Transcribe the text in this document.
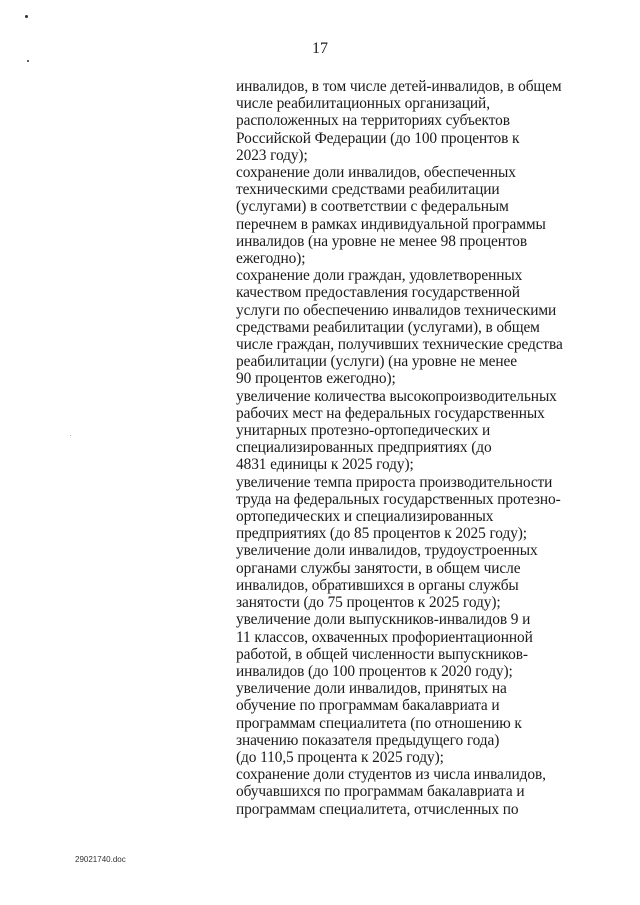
17
инвалидов, в том числе детей-инвалидов, в общем
числе реабилитационных организаций,
расположенных на территориях субъектов
Российской Федерации (до 100 процентов к
2023 году);
сохранение доли инвалидов, обеспеченных
техническими средствами реабилитации
(услугами) в соответствии с федеральным
перечнем в рамках индивидуальной программы
инвалидов (на уровне не менее 98 процентов
ежегодно);
сохранение доли граждан, удовлетворенных
качеством предоставления государственной
услуги по обеспечению инвалидов техническими
средствами реабилитации (услугами), в общем
числе граждан, получивших технические средства
реабилитации (услуги) (на уровне не менее
90 процентов ежегодно);
увеличение количества высокопроизводительных
рабочих мест на федеральных государственных
унитарных протезно-ортопедических и
специализированных предприятиях (до
4831 единицы к 2025 году);
увеличение темпа прироста производительности
труда на федеральных государственных протезно-
ортопедических и специализированных
предприятиях (до 85 процентов к 2025 году);
увеличение доли инвалидов, трудоустроенных
органами службы занятости, в общем числе
инвалидов, обратившихся в органы службы
занятости (до 75 процентов к 2025 году);
увеличение доли выпускников-инвалидов 9 и
11 классов, охваченных профориентационной
работой, в общей численности выпускников-
инвалидов (до 100 процентов к 2020 году);
увеличение доли инвалидов, принятых на
обучение по программам бакалавриата и
программам специалитета (по отношению к
значению показателя предыдущего года)
(до 110,5 процента к 2025 году);
сохранение доли студентов из числа инвалидов,
обучавшихся по программам бакалавриата и
программам специалитета, отчисленных по
29021740.doc
